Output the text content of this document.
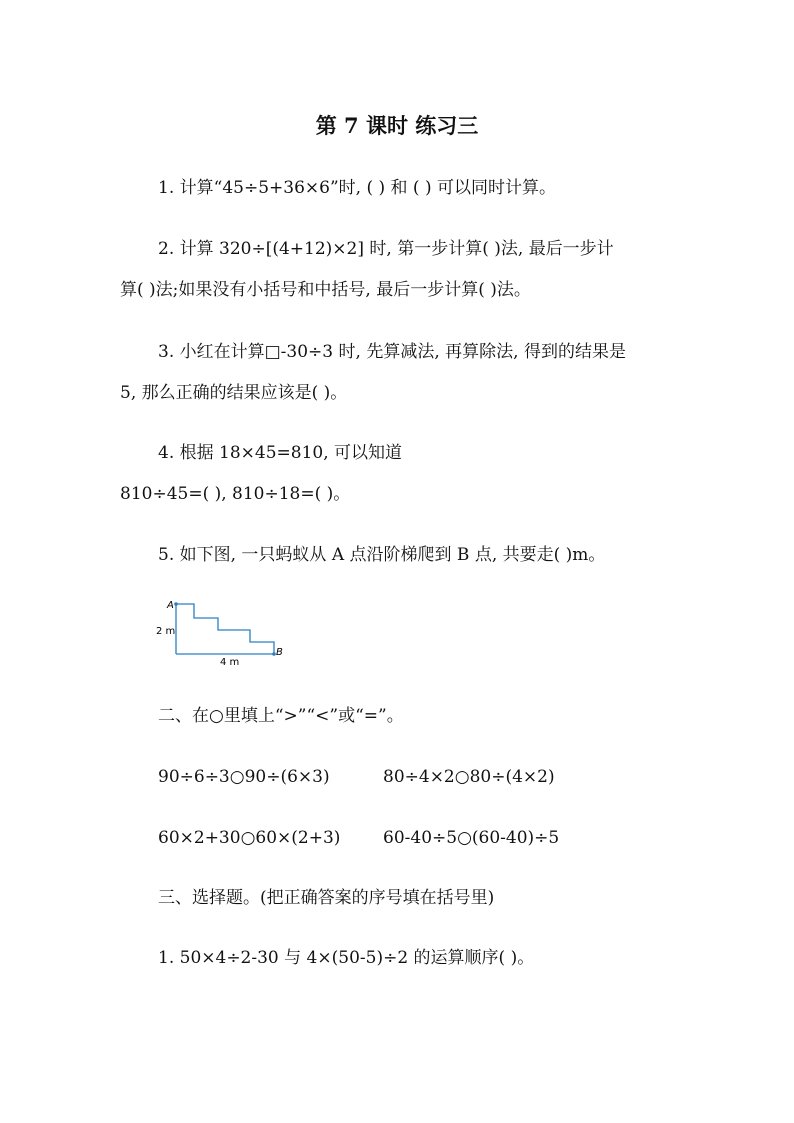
第 7 课时 练习三
1. 计算“45÷5+36×6”时, ( ) 和 ( ) 可以同时计算。
2. 计算 320÷[(4+12)×2] 时, 第一步计算( )法, 最后一步计
算( )法;如果没有小括号和中括号, 最后一步计算( )法。
3. 小红在计算□-30÷3 时, 先算减法, 再算除法, 得到的结果是
5, 那么正确的结果应该是( )。
4. 根据 18×45=810, 可以知道
810÷45=( ), 810÷18=( )。
5. 如下图, 一只蚂蚁从 A 点沿阶梯爬到 B 点, 共要走( )m。
A
B
2 m
4 m
二、在○里填上“>”“<”或“=”。
90÷6÷3○90÷(6×3)	80÷4×2○80÷(4×2)
60×2+30○60×(2+3)	60-40÷5○(60-40)÷5
三、选择题。(把正确答案的序号填在括号里)
1. 50×4÷2-30 与 4×(50-5)÷2 的运算顺序( )。
